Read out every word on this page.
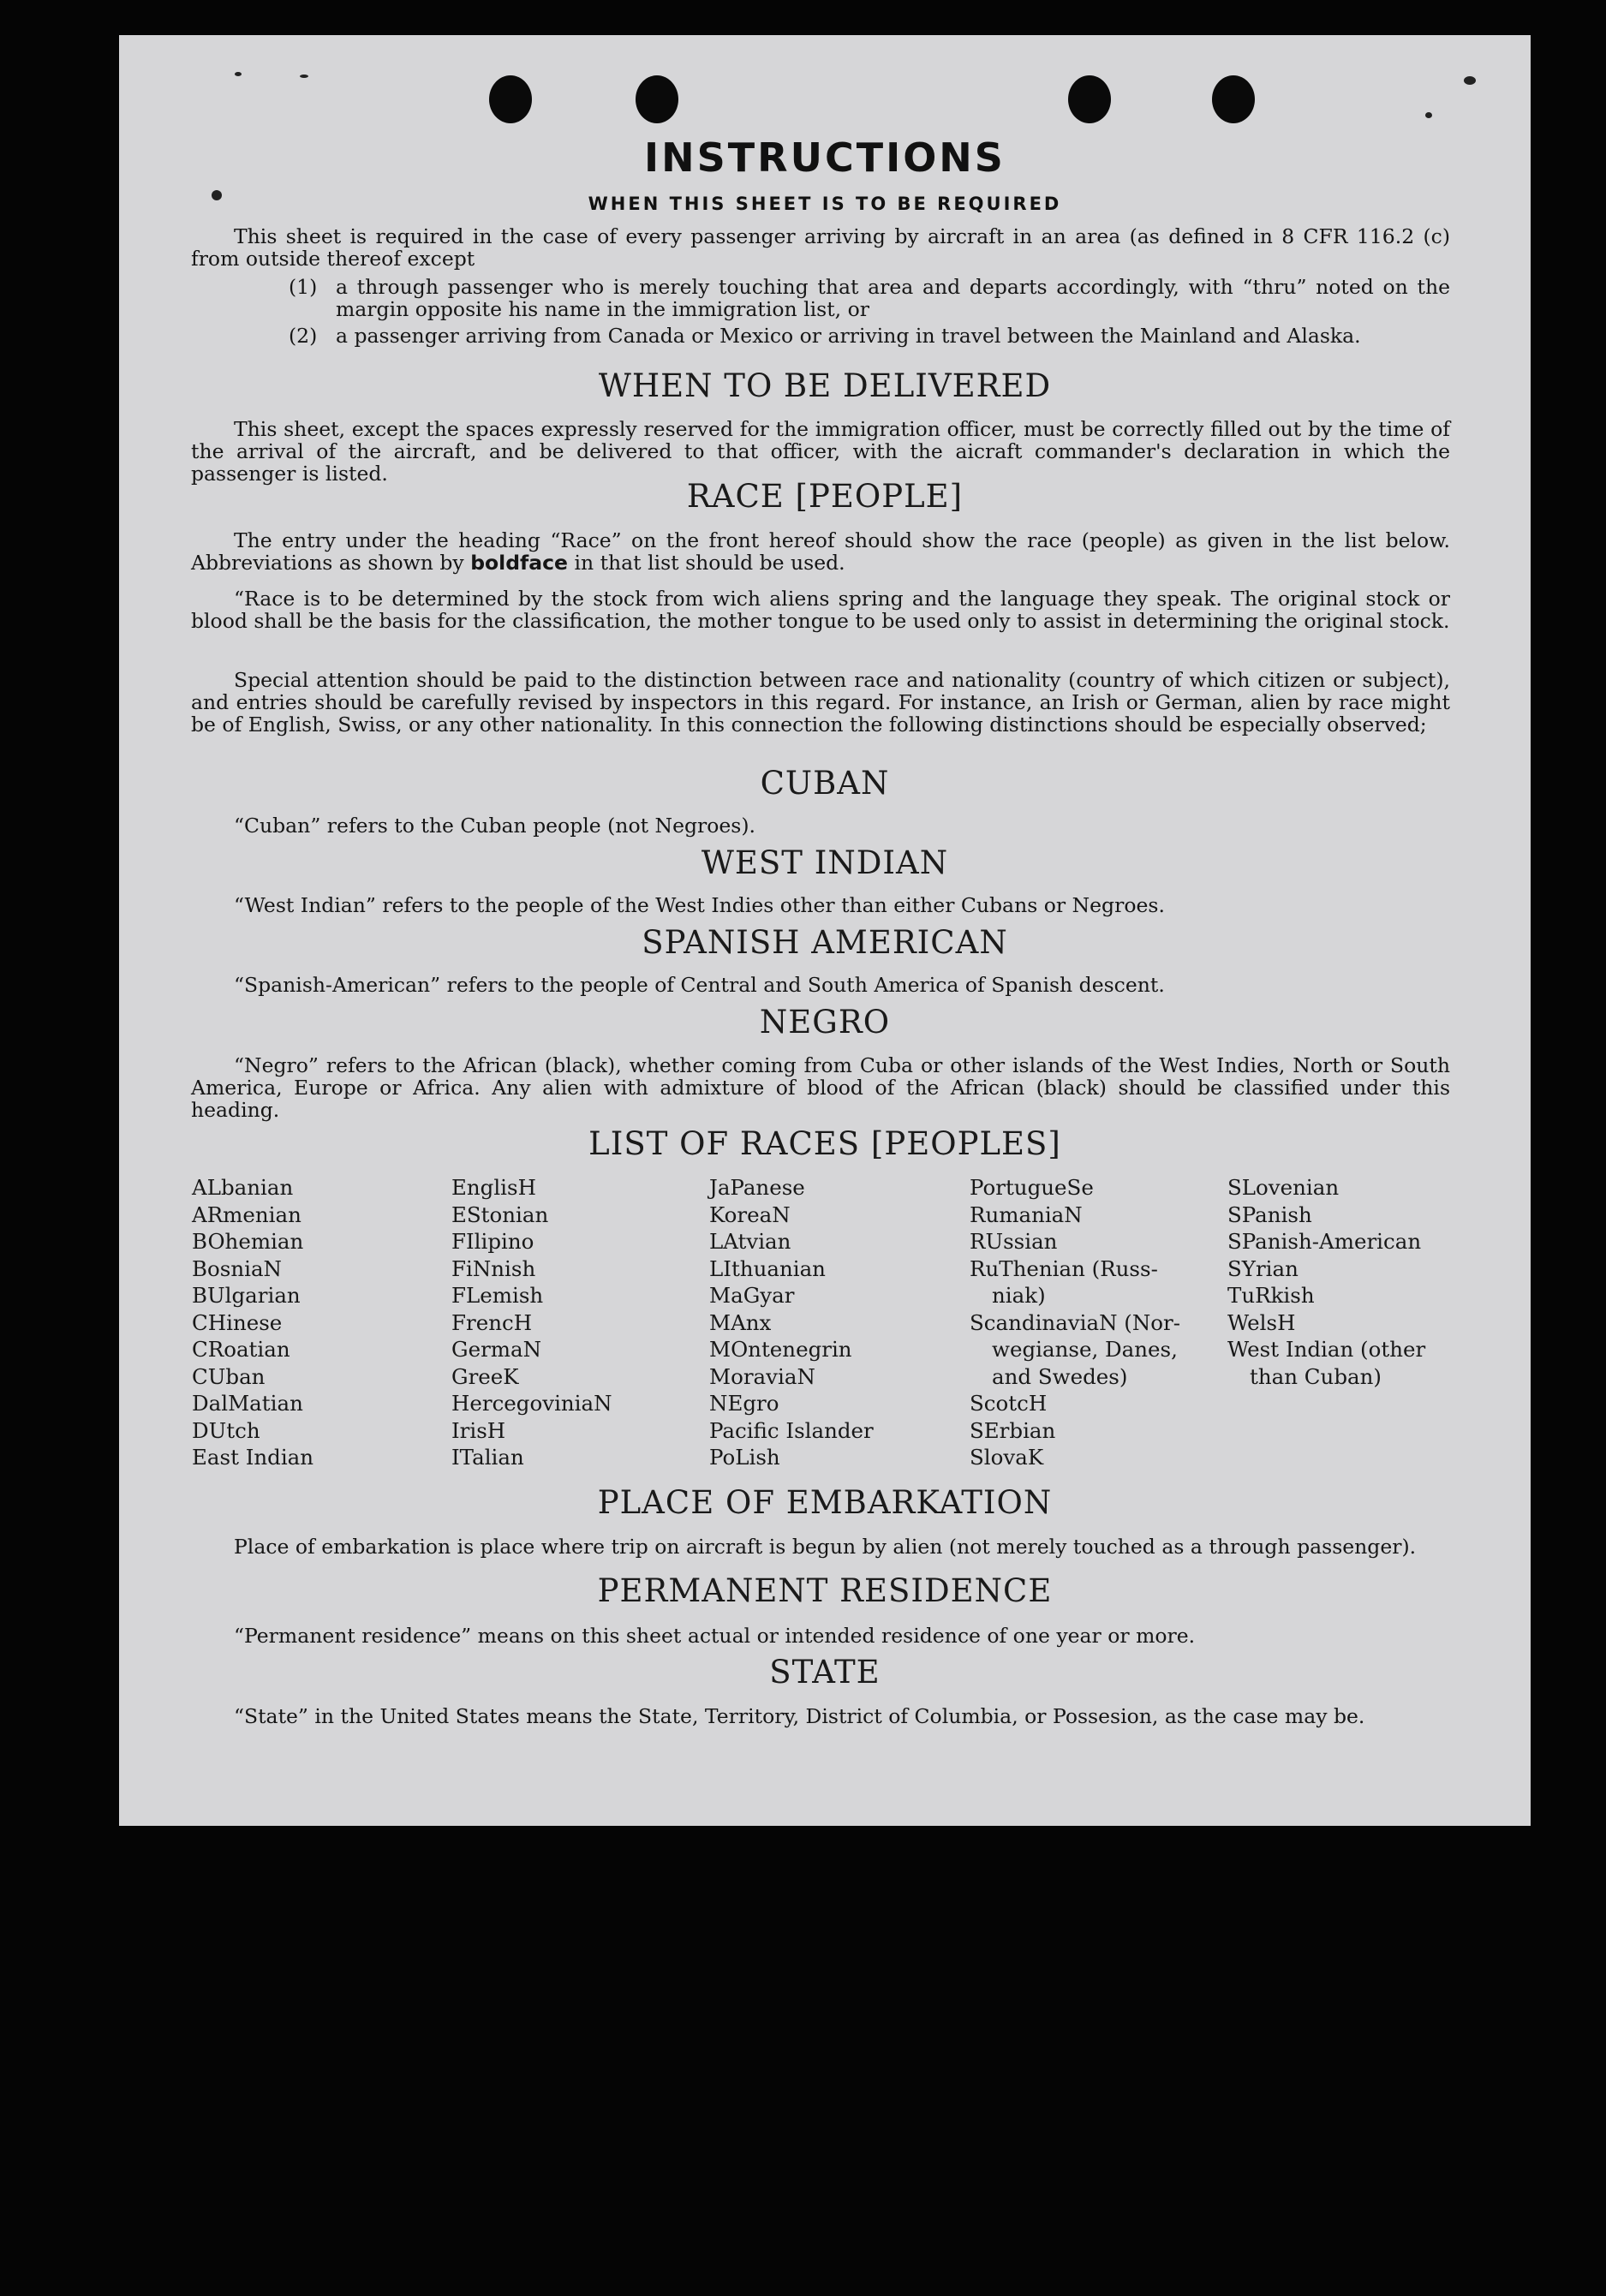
INSTRUCTIONS
WHEN THIS SHEET IS TO BE REQUIRED
This sheet is required in the case of every passenger arriving by aircraft in an area (as defined in 8 CFR 116.2 (c) from outside thereof except
(1) a through passenger who is merely touching that area and departs accordingly, with “thru” noted on the margin opposite his name in the immigration list, or
(2) a passenger arriving from Canada or Mexico or arriving in travel between the Mainland and Alaska.
WHEN TO BE DELIVERED
This sheet, except the spaces expressly reserved for the immigration officer, must be correctly filled out by the time of the arrival of the aircraft, and be delivered to that officer, with the aicraft commander's declaration in which the passenger is listed.
RACE [PEOPLE]
The entry under the heading “Race” on the front hereof should show the race (people) as given in the list below. Abbreviations as shown by boldface in that list should be used.
“Race is to be determined by the stock from wich aliens spring and the language they speak. The original stock or blood shall be the basis for the classification, the mother tongue to be used only to assist in determining the original stock.
Special attention should be paid to the distinction between race and nationality (country of which citizen or subject), and entries should be carefully revised by inspectors in this regard. For instance, an Irish or German, alien by race might be of English, Swiss, or any other nationality. In this connection the following distinctions should be especially observed;
CUBAN
“Cuban” refers to the Cuban people (not Negroes).
WEST INDIAN
“West Indian” refers to the people of the West Indies other than either Cubans or Negroes.
SPANISH AMERICAN
“Spanish-American” refers to the people of Central and South America of Spanish descent.
NEGRO
“Negro” refers to the African (black), whether coming from Cuba or other islands of the West Indies, North or South America, Europe or Africa. Any alien with admixture of blood of the African (black) should be classified under this heading.
LIST OF RACES [PEOPLES]
ALbanian
ARmenian
BOhemian
BosniaN
BUlgarian
CHinese
CRoatian
CUban
DalMatian
DUtch
East Indian
EnglisH
EStonian
FIlipino
FiNnish
FLemish
FrencH
GermaN
GreeK
HercegoviniaN
IrisH
ITalian
JaPanese
KoreaN
LAtvian
LIthuanian
MaGyar
MAnx
MOntenegrin
MoraviaN
NEgro
Pacific Islander
PoLish
PortugueSe
RumaniaN
RUssian
RuThenian (Russ-
niak)
ScandinaviaN (Nor-
wegianse, Danes,
and Swedes)
ScotcH
SErbian
SlovaK
SLovenian
SPanish
SPanish-American
SYrian
TuRkish
WelsH
West Indian (other
than Cuban)
PLACE OF EMBARKATION
Place of embarkation is place where trip on aircraft is begun by alien (not merely touched as a through passenger).
PERMANENT RESIDENCE
“Permanent residence” means on this sheet actual or intended residence of one year or more.
STATE
“State” in the United States means the State, Territory, District of Columbia, or Possesion, as the case may be.
